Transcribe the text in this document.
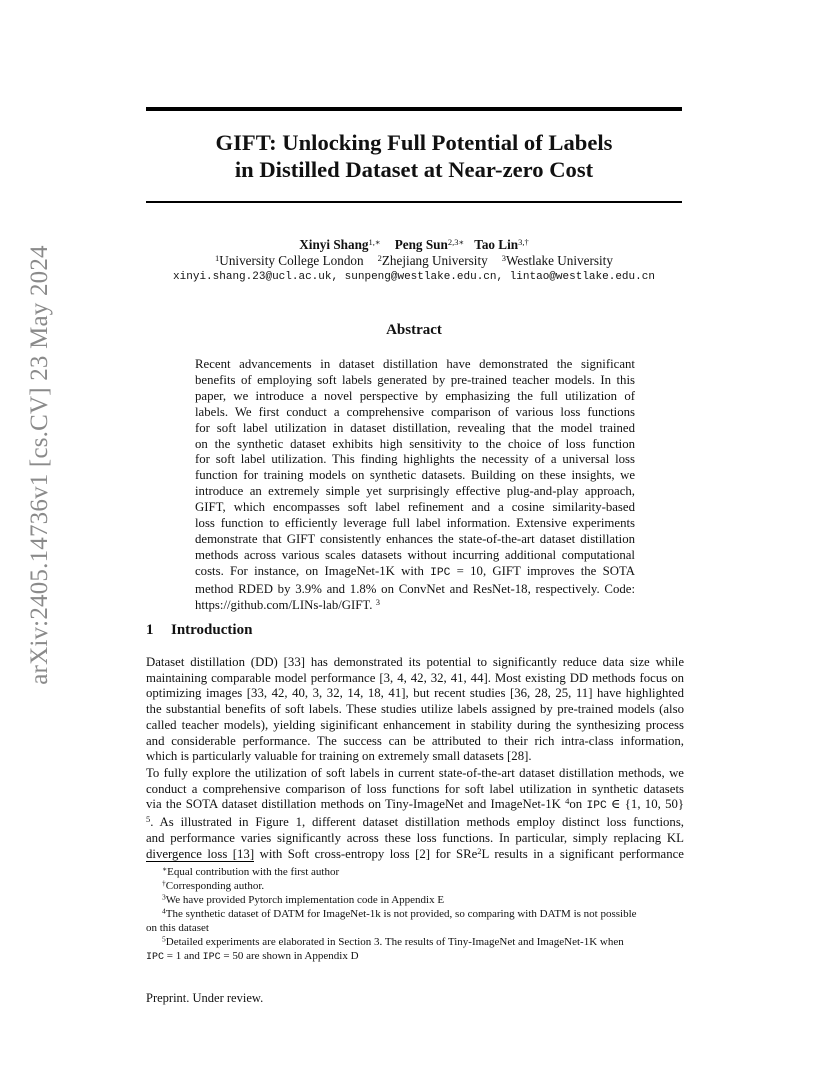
arXiv:2405.14736v1 [cs.CV] 23 May 2024
GIFT: Unlocking Full Potential of Labels
in Distilled Dataset at Near-zero Cost
Xinyi Shang$^{1,∗}$ Peng Sun$^{2,3∗}$ Tao Lin$^{3,\dagger}$
$^1$University College London $^2$Zhejiang University $^3$Westlake University
xinyi.shang.23@ucl.ac.uk, sunpeng@westlake.edu.cn, lintao@westlake.edu.cn
Abstract
Recent advancements in dataset distillation have demonstrated the significant
benefits of employing soft labels generated by pre-trained teacher models. In this
paper, we introduce a novel perspective by emphasizing the full utilization of
labels. We first conduct a comprehensive comparison of various loss functions
for soft label utilization in dataset distillation, revealing that the model trained
on the synthetic dataset exhibits high sensitivity to the choice of loss function
for soft label utilization. This finding highlights the necessity of a universal loss
function for training models on synthetic datasets. Building on these insights, we
introduce an extremely simple yet surprisingly effective plug-and-play approach,
GIFT, which encompasses soft label refinement and a cosine similarity-based
loss function to efficiently leverage full label information. Extensive experiments
demonstrate that GIFT consistently enhances the state-of-the-art dataset distillation
methods across various scales datasets without incurring additional computational
costs. For instance, on ImageNet-1K with IPC = 10, GIFT improves the SOTA
method RDED by 3.9% and 1.8% on ConvNet and ResNet-18, respectively. Code:
https://github.com/LINs-lab/GIFT. $^3$
1 Introduction
Dataset distillation (DD) [33] has demonstrated its potential to significantly reduce data size while
maintaining comparable model performance [3, 4, 42, 32, 41, 44]. Most existing DD methods focus on
optimizing images [33, 42, 40, 3, 32, 14, 18, 41], but recent studies [36, 28, 25, 11] have highlighted
the substantial benefits of soft labels. These studies utilize labels assigned by pre-trained models (also
called teacher models), yielding siginificant enhancement in stability during the synthesizing process
and considerable performance. The success can be attributed to their rich intra-class information,
which is particularly valuable for training on extremely small datasets [28].
To fully explore the utilization of soft labels in current state-of-the-art dataset distillation methods, we
conduct a comprehensive comparison of loss functions for soft label utilization in synthetic datasets
via the SOTA dataset distillation methods on Tiny-ImageNet and ImageNet-1K $^4$on IPC ∈ {1, 10, 50}
$^5$. As illustrated in Figure 1, different dataset distillation methods employ distinct loss functions,
and performance varies significantly across these loss functions. In particular, simply replacing KL
divergence loss [13] with Soft cross-entropy loss [2] for SRe$^2$L results in a significant performance
∗Equal contribution with the first author
†Corresponding author.
$^3$We have provided Pytorch implementation code in Appendix E
$^4$The synthetic dataset of DATM for ImageNet-1k is not provided, so comparing with DATM is not possible
on this dataset
$^5$Detailed experiments are elaborated in Section 3. The results of Tiny-ImageNet and ImageNet-1K when
IPC = 1 and IPC = 50 are shown in Appendix D
Preprint. Under review.
